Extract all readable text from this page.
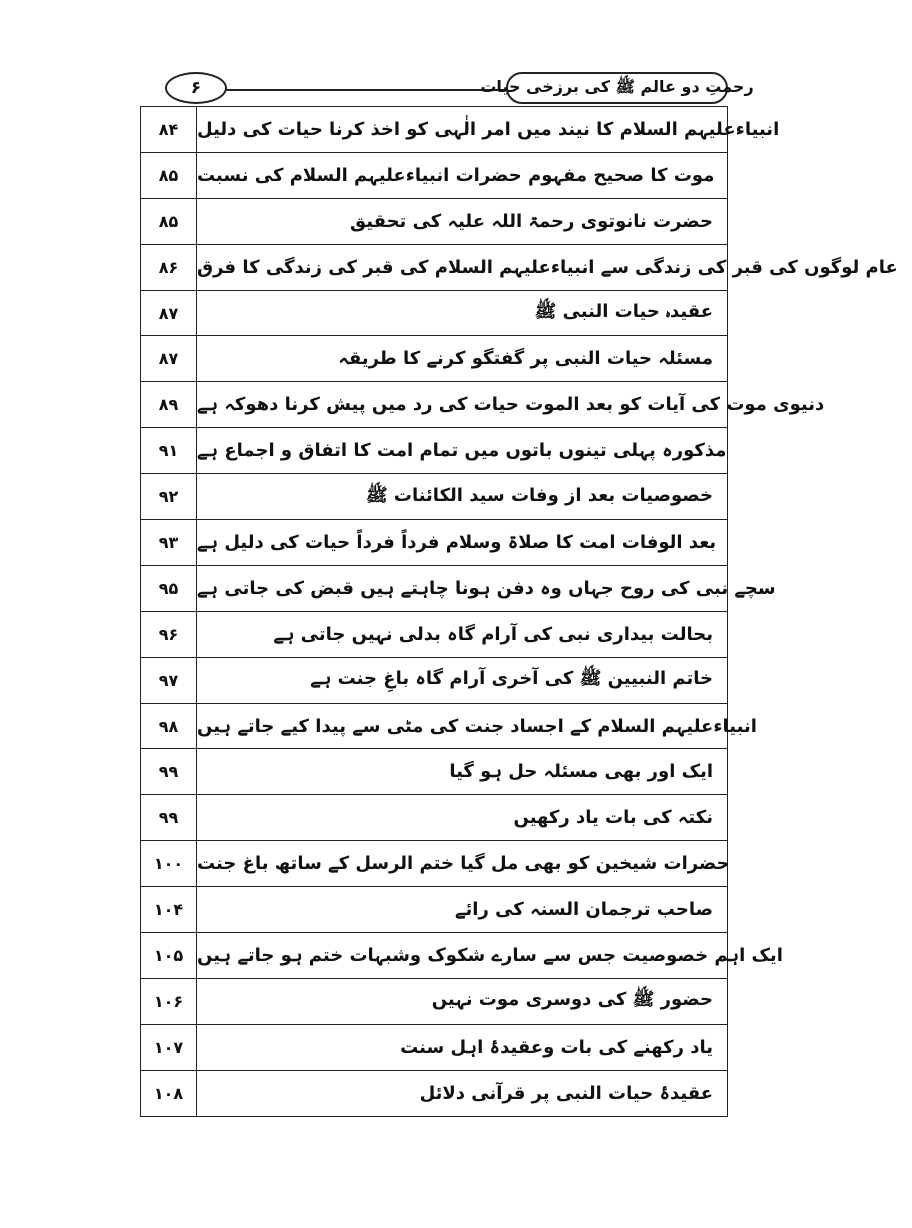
۶	رحمتِ دو عالم ﷺ کی برزخی حیات
۸۴	انبیاءعلیہم السلام کا نیند میں امر الٰہی کو اخذ کرنا حیات کی دلیل
۸۵	موت کا صحیح مفہوم حضرات انبیاءعلیہم السلام کی نسبت
۸۵	حضرت نانوتوی رحمۃ اللہ علیہ کی تحقیق
۸۶	عام لوگوں کی قبر کی زندگی سے انبیاءعلیہم السلام کی قبر کی زندگی کا فرق
۸۷	عقیدہ حیات النبی ﷺ
۸۷	مسئلہ حیات النبی پر گفتگو کرنے کا طریقہ
۸۹	دنیوی موت کی آیات کو بعد الموت حیات کی رد میں پیش کرنا دھوکہ ہے
۹۱	مذکورہ پہلی تینوں باتوں میں تمام امت کا اتفاق و اجماع ہے
۹۲	خصوصیات بعد از وفات سید الکائنات ﷺ
۹۳	بعد الوفات امت کا صلاۃ وسلام فرداً فرداً حیات کی دلیل ہے
۹۵	سچے نبی کی روح جہاں وہ دفن ہونا چاہتے ہیں قبض کی جاتی ہے
۹۶	بحالت بیداری نبی کی آرام گاہ بدلی نہیں جاتی ہے
۹۷	خاتم النبیین ﷺ کی آخری آرام گاہ باغِ جنت ہے
۹۸	انبیاءعلیہم السلام کے اجساد جنت کی مٹی سے پیدا کیے جاتے ہیں
۹۹	ایک اور بھی مسئلہ حل ہو گیا
۹۹	نکتہ کی بات یاد رکھیں
۱۰۰ حضرات شیخین کو بھی مل گیا ختم الرسل کے ساتھ باغ جنت
۱۰۴	صاحب ترجمان السنہ کی رائے
۱۰۵ ایک اہم خصوصیت جس سے سارے شکوک وشبہات ختم ہو جاتے ہیں
۱۰۶	حضور ﷺ کی دوسری موت نہیں
۱۰۷	یاد رکھنے کی بات وعقیدۂ اہل سنت
۱۰۸	عقیدۂ حیات النبی پر قرآنی دلائل
